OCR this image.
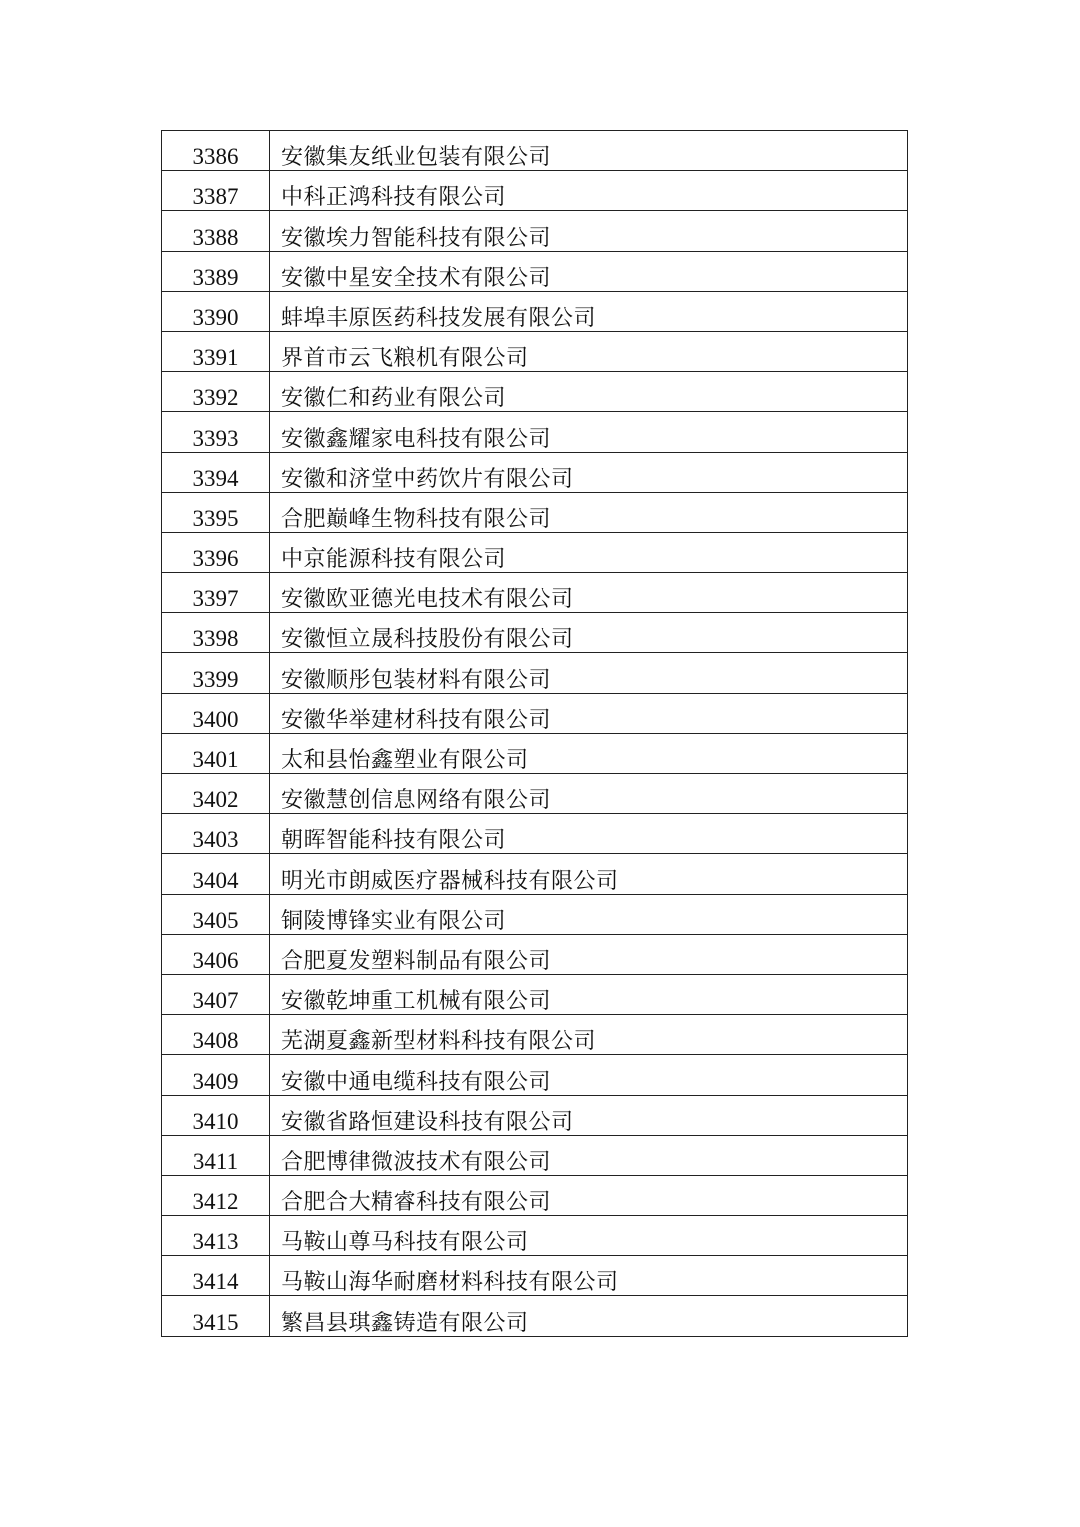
3386	安徽集友纸业包装有限公司
3387	中科正鸿科技有限公司
3388	安徽埃力智能科技有限公司
3389	安徽中星安全技术有限公司
3390	蚌埠丰原医药科技发展有限公司
3391	界首市云飞粮机有限公司
3392	安徽仁和药业有限公司
3393	安徽鑫耀家电科技有限公司
3394	安徽和济堂中药饮片有限公司
3395	合肥巅峰生物科技有限公司
3396	中京能源科技有限公司
3397	安徽欧亚德光电技术有限公司
3398	安徽恒立晟科技股份有限公司
3399	安徽顺彤包装材料有限公司
3400	安徽华举建材科技有限公司
3401	太和县怡鑫塑业有限公司
3402	安徽慧创信息网络有限公司
3403	朝晖智能科技有限公司
3404	明光市朗威医疗器械科技有限公司
3405	铜陵博锋实业有限公司
3406	合肥夏发塑料制品有限公司
3407	安徽乾坤重工机械有限公司
3408	芜湖夏鑫新型材料科技有限公司
3409	安徽中通电缆科技有限公司
3410	安徽省路恒建设科技有限公司
3411	合肥博律微波技术有限公司
3412	合肥合大精睿科技有限公司
3413	马鞍山尊马科技有限公司
3414	马鞍山海华耐磨材料科技有限公司
3415	繁昌县琪鑫铸造有限公司
